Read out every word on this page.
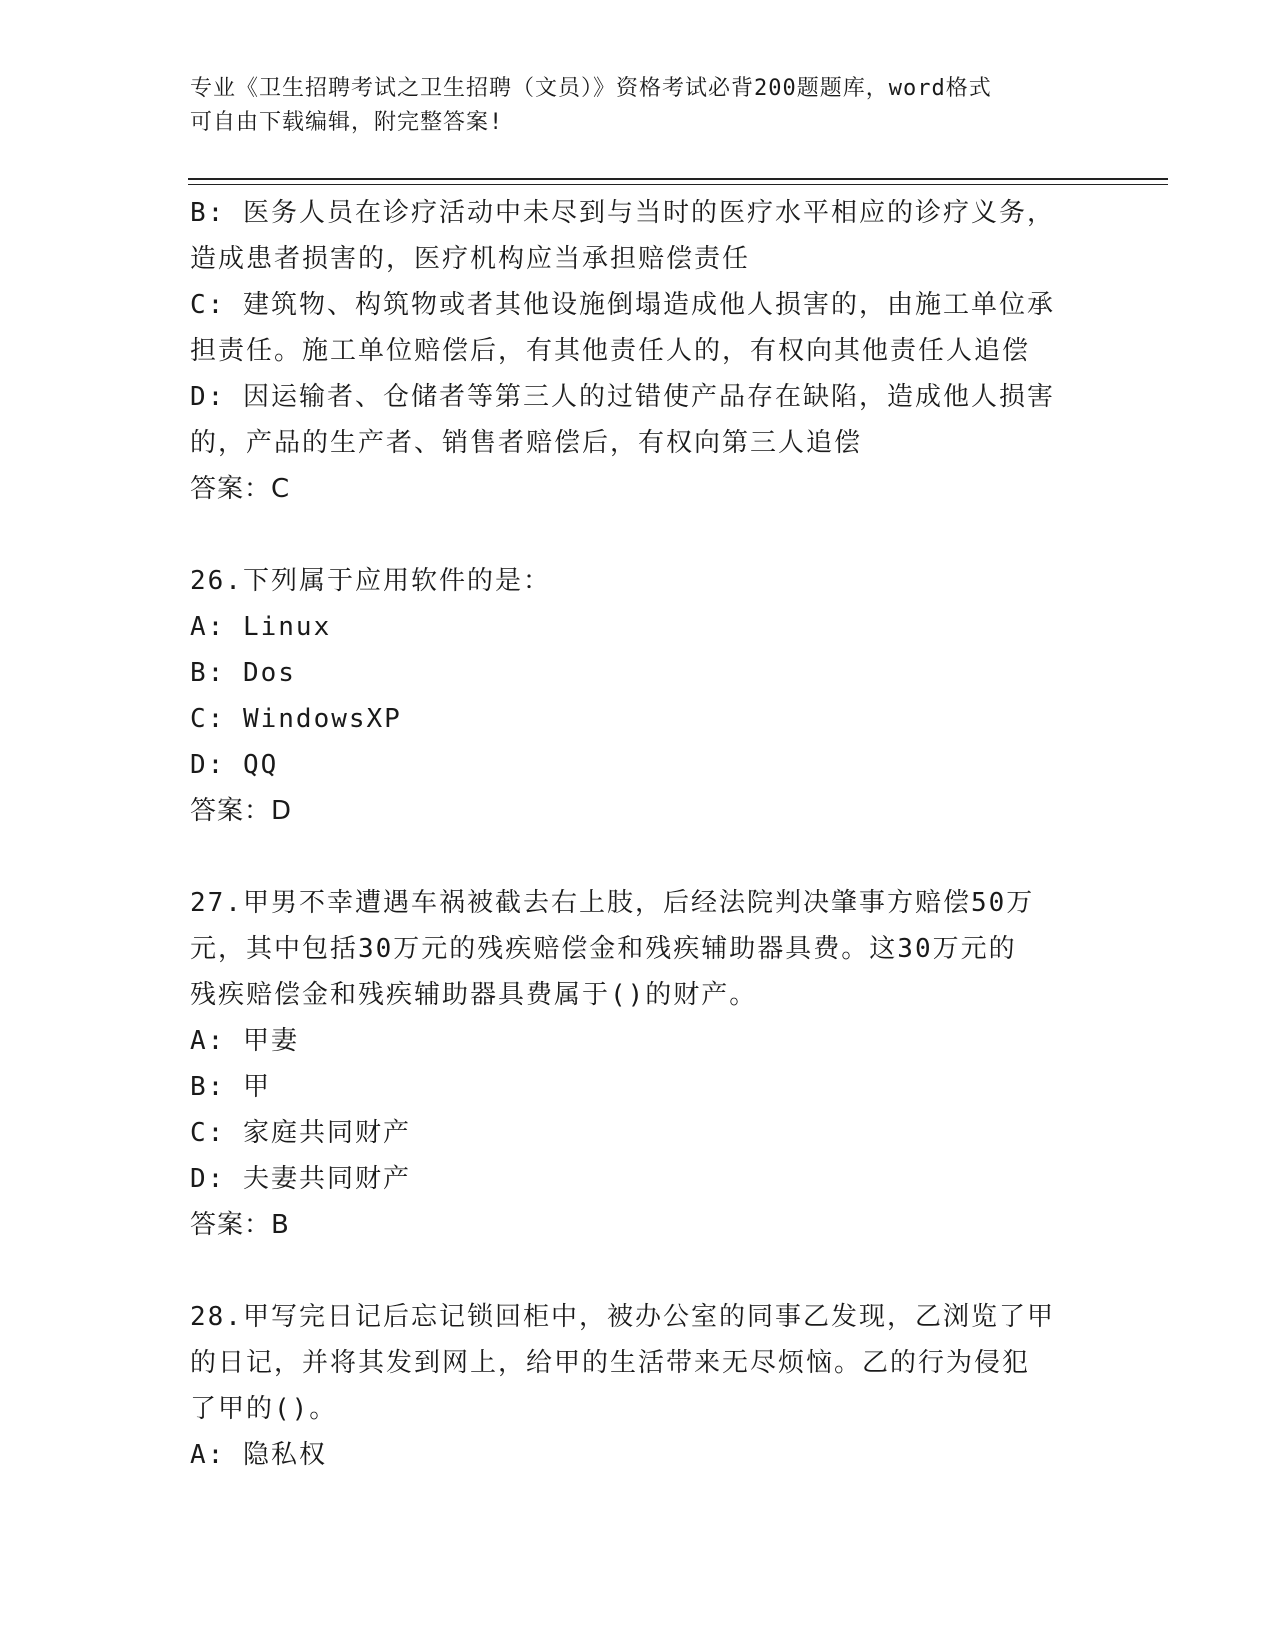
专业《卫生招聘考试之卫生招聘（文员）》资格考试必背200题题库，word格式
可自由下载编辑，附完整答案!
B: 医务人员在诊疗活动中未尽到与当时的医疗水平相应的诊疗义务，
造成患者损害的，医疗机构应当承担赔偿责任
C: 建筑物、构筑物或者其他设施倒塌造成他人损害的，由施工单位承
担责任。施工单位赔偿后，有其他责任人的，有权向其他责任人追偿
D: 因运输者、仓储者等第三人的过错使产品存在缺陷，造成他人损害
的，产品的生产者、销售者赔偿后，有权向第三人追偿
答案：C
26.下列属于应用软件的是：
A: Linux
B: Dos
C: WindowsXP
D: QQ
答案：D
27.甲男不幸遭遇车祸被截去右上肢，后经法院判决肇事方赔偿50万
元，其中包括30万元的残疾赔偿金和残疾辅助器具费。这30万元的
残疾赔偿金和残疾辅助器具费属于()的财产。
A: 甲妻
B: 甲
C: 家庭共同财产
D: 夫妻共同财产
答案：B
28.甲写完日记后忘记锁回柜中，被办公室的同事乙发现，乙浏览了甲
的日记，并将其发到网上，给甲的生活带来无尽烦恼。乙的行为侵犯
了甲的()。
A: 隐私权
